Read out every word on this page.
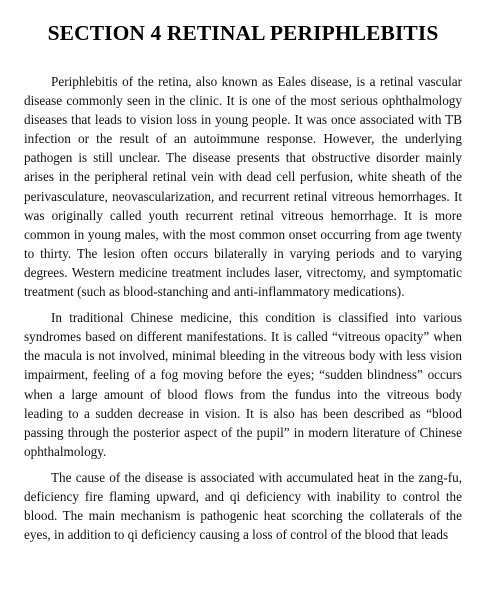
SECTION 4 RETINAL PERIPHLEBITIS

Periphlebitis of the retina, also known as Eales disease, is a retinal vascular disease commonly seen in the clinic. It is one of the most serious ophthalmology diseases that leads to vision loss in young people. It was once associated with TB infection or the result of an autoimmune response. However, the underlying pathogen is still unclear. The disease presents that obstructive disorder mainly arises in the peripheral retinal vein with dead cell perfusion, white sheath of the perivasculature, neovascularization, and recurrent retinal vitreous hemorrhages. It was originally called youth recurrent retinal vitreous hemorrhage. It is more common in young males, with the most common onset occurring from age twenty to thirty. The lesion often occurs bilaterally in varying periods and to varying degrees. Western medicine treatment includes laser, vitrectomy, and symptomatic treatment (such as blood-stanching and anti-inflammatory medications).

In traditional Chinese medicine, this condition is classified into various syndromes based on different manifestations. It is called “vitreous opacity” when the macula is not involved, minimal bleeding in the vitreous body with less vision impairment, feeling of a fog moving before the eyes; “sudden blindness” occurs when a large amount of blood flows from the fundus into the vitreous body leading to a sudden decrease in vision. It is also has been described as “blood passing through the posterior aspect of the pupil” in modern literature of Chinese ophthalmology.

The cause of the disease is associated with accumulated heat in the zang-fu, deficiency fire flaming upward, and qi deficiency with inability to control the blood. The main mechanism is pathogenic heat scorching the collaterals of the eyes, in addition to qi deficiency causing a loss of control of the blood that leads
